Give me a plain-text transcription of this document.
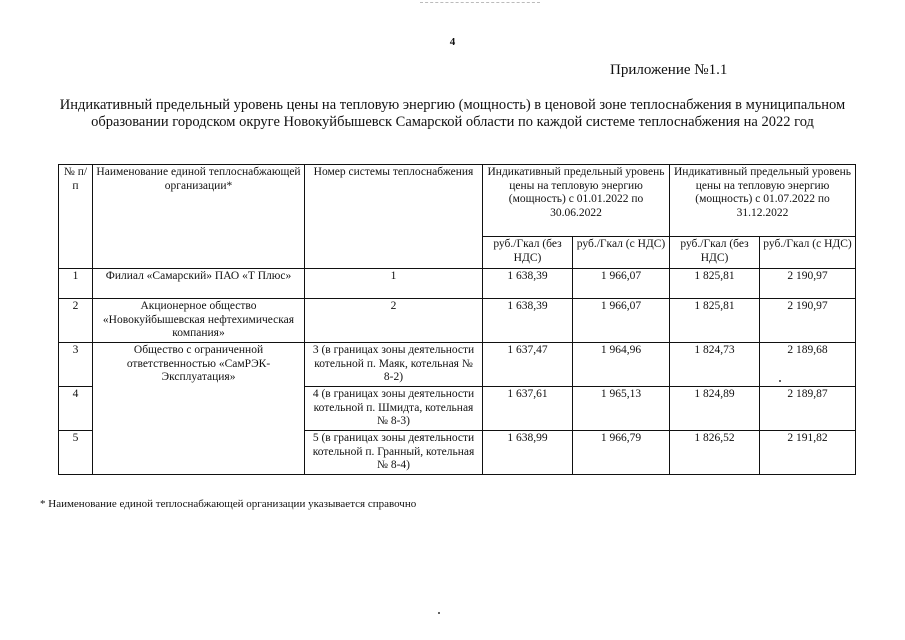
4
Приложение №1.1
Индикативный предельный уровень цены на тепловую энергию (мощность) в ценовой зоне теплоснабжения в муниципальном образовании городском округе Новокуйбышевск Самарской области по каждой системе теплоснабжения на 2022 год
№ п/п	Наименование единой теплоснабжающей организации*	Номер системы теплоснабжения	Индикативный предельный уровень цены на тепловую энергию (мощность) с 01.01.2022 по 30.06.2022		Индикативный предельный уровень цены на тепловую энергию (мощность) с 01.07.2022 по 31.12.2022	
			руб./Гкал (без НДС)	руб./Гкал (с НДС)	руб./Гкал (без НДС)	руб./Гкал (с НДС)
1	Филиал «Самарский» ПАО «Т Плюс»	1	1 638,39	1 966,07	1 825,81	2 190,97
2	Акционерное общество «Новокуйбышевская нефтехимическая компания»	2	1 638,39	1 966,07	1 825,81	2 190,97
3	Общество с ограниченной ответственностью «СамРЭК-Эксплуатация»	3 (в границах зоны деятельности котельной п. Маяк, котельная № 8-2)	1 637,47	1 964,96	1 824,73	2 189,68
4		4 (в границах зоны деятельности котельной п. Шмидта, котельная № 8-3)	1 637,61	1 965,13	1 824,89	2 189,87
5		5 (в границах зоны деятельности котельной п. Гранный, котельная № 8-4)	1 638,99	1 966,79	1 826,52	2 191,82
* Наименование единой теплоснабжающей организации указывается справочно
